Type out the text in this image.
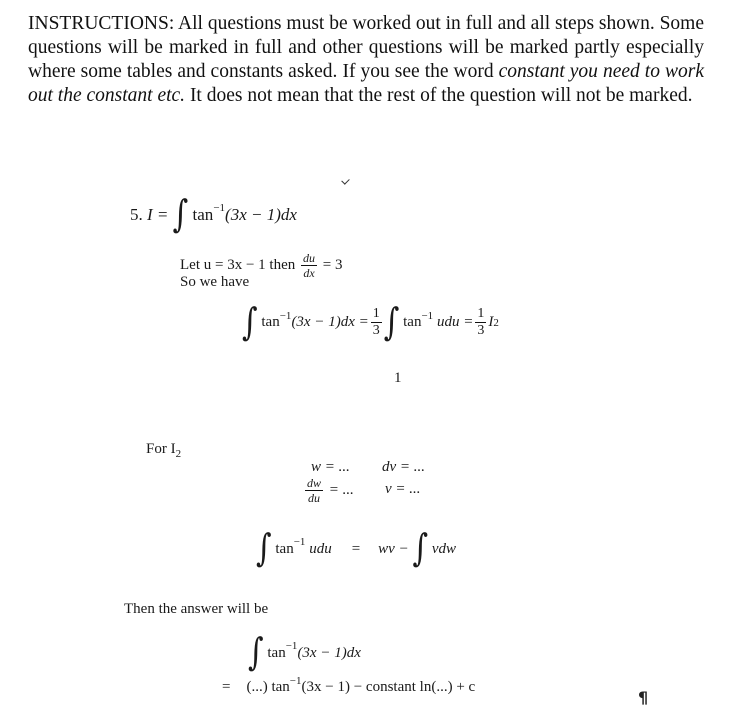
INSTRUCTIONS: All questions must be worked out in full and all steps shown. Some questions will be marked in full and other questions will be marked partly especially where some tables and constants asked. If you see the word constant you need to work out the constant etc. It does not mean that the rest of the question will not be marked.
5.
I =
∫
$\tan^{-1} (3x - 1)dx$
Let u = 3x − 1 then
$\frac{du}{dx}$
= 3
So we have
∫
$\tan^{-1} (3x - 1)dx = \frac{1}{3}$ ∫
$\tan^{-1}$
udu = $\frac{1}{3}$ I 2
1
For $I_2$
w = ... dv = ...
$\frac{dw}{du}$
= ... v = ...
∫
$\tan^{-1}$
udu = wv −
∫
vdw
Then the answer will be
∫
$\tan^{-1} (3x - 1)dx$
= (...) $\tan^{-1} (3x - 1)$ − constant ln(...) + c
¶
